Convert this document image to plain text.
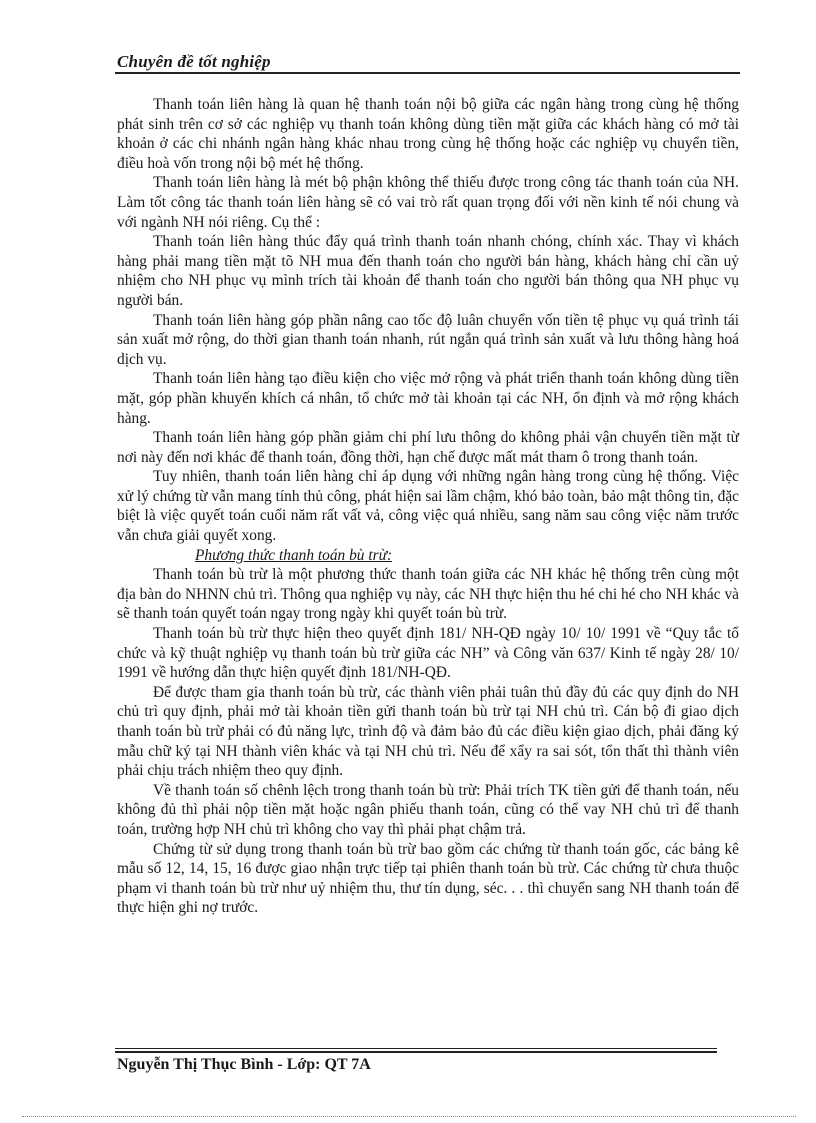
Chuyên đề tốt nghiệp

Thanh toán liên hàng là quan hệ thanh toán nội bộ giữa các ngân hàng trong cùng hệ thống phát sinh trên cơ sở các nghiệp vụ thanh toán không dùng tiền mặt giữa các khách hàng có mở tài khoản ở các chi nhánh ngân hàng khác nhau trong cùng hệ thống hoặc các nghiệp vụ chuyển tiền, điều hoà vốn trong nội bộ mét hệ thống.

Thanh toán liên hàng là mét bộ phận không thể thiếu được trong công tác thanh toán của NH. Làm tốt công tác thanh toán liên hàng sẽ có vai trò rất quan trọng đối với nền kinh tế nói chung và với ngành NH nói riêng. Cụ thể :

Thanh toán liên hàng thúc đẩy quá trình thanh toán nhanh chóng, chính xác. Thay vì khách hàng phải mang tiền mặt tõ NH mua đến thanh toán cho người bán hàng, khách hàng chỉ cần uỷ nhiệm cho NH phục vụ mình trích tài khoản để thanh toán cho người bán thông qua NH phục vụ người bán.

Thanh toán liên hàng góp phần nâng cao tốc độ luân chuyển vốn tiền tệ phục vụ quá trình tái sản xuất mở rộng, do thời gian thanh toán nhanh, rút ngắn quá trình sản xuất và lưu thông hàng hoá dịch vụ.

Thanh toán liên hàng tạo điều kiện cho việc mở rộng và phát triển thanh toán không dùng tiền mặt, góp phần khuyến khích cá nhân, tổ chức mở tài khoản tại các NH, ổn định và mở rộng khách hàng.

Thanh toán liên hàng góp phần giảm chi phí lưu thông do không phải vận chuyển tiền mặt từ nơi này đến nơi khác để thanh toán, đồng thời, hạn chế được mất mát tham ô trong thanh toán.

Tuy nhiên, thanh toán liên hàng chỉ áp dụng với những ngân hàng trong cùng hệ thống. Việc xử lý chứng từ vẫn mang tính thủ công, phát hiện sai lầm chậm, khó bảo toàn, bảo mật thông tin, đặc biệt là việc quyết toán cuối năm rất vất vả, công việc quá nhiều, sang năm sau công việc năm trước vẫn chưa giải quyết xong.

Phương thức thanh toán bù trừ:

Thanh toán bù trừ là một phương thức thanh toán giữa các NH khác hệ thống trên cùng một địa bàn do NHNN chủ trì. Thông qua nghiệp vụ này, các NH thực hiện thu hé chi hé cho NH khác và sẽ thanh toán quyết toán ngay trong ngày khi quyết toán bù trừ.

Thanh toán bù trừ thực hiện theo quyết định 181/ NH-QĐ ngày 10/ 10/ 1991 về “Quy tắc tổ chức và kỹ thuật nghiệp vụ thanh toán bù trừ giữa các NH” và Công văn 637/ Kinh tế ngày 28/ 10/ 1991 về hướng dẫn thực hiện quyết định 181/NH-QĐ.

Để được tham gia thanh toán bù trừ, các thành viên phải tuân thủ đầy đủ các quy định do NH chủ trì quy định, phải mở tài khoản tiền gửi thanh toán bù trừ tại NH chủ trì. Cán bộ đi giao dịch thanh toán bù trừ phải có đủ năng lực, trình độ và đảm bảo đủ các điều kiện giao dịch, phải đăng ký mẫu chữ ký tại NH thành viên khác và tại NH chủ trì. Nếu để xẩy ra sai sót, tổn thất thì thành viên phải chịu trách nhiệm theo quy định.

Về thanh toán số chênh lệch trong thanh toán bù trừ: Phải trích TK tiền gửi để thanh toán, nếu không đủ thì phải nộp tiền mặt hoặc ngân phiếu thanh toán, cũng có thể vay NH chủ trì để thanh toán, trường hợp NH chủ trì không cho vay thì phải phạt chậm trả.

Chứng từ sử dụng trong thanh toán bù trừ bao gồm các chứng từ thanh toán gốc, các bảng kê mẫu số 12, 14, 15, 16 được giao nhận trực tiếp tại phiên thanh toán bù trừ. Các chứng từ chưa thuộc phạm vi thanh toán bù trừ như uỷ nhiệm thu, thư tín dụng, séc. . . thì chuyển sang NH thanh toán để thực hiện ghi nợ trước.

Nguyễn Thị Thục Bình - Lớp: QT 7A
